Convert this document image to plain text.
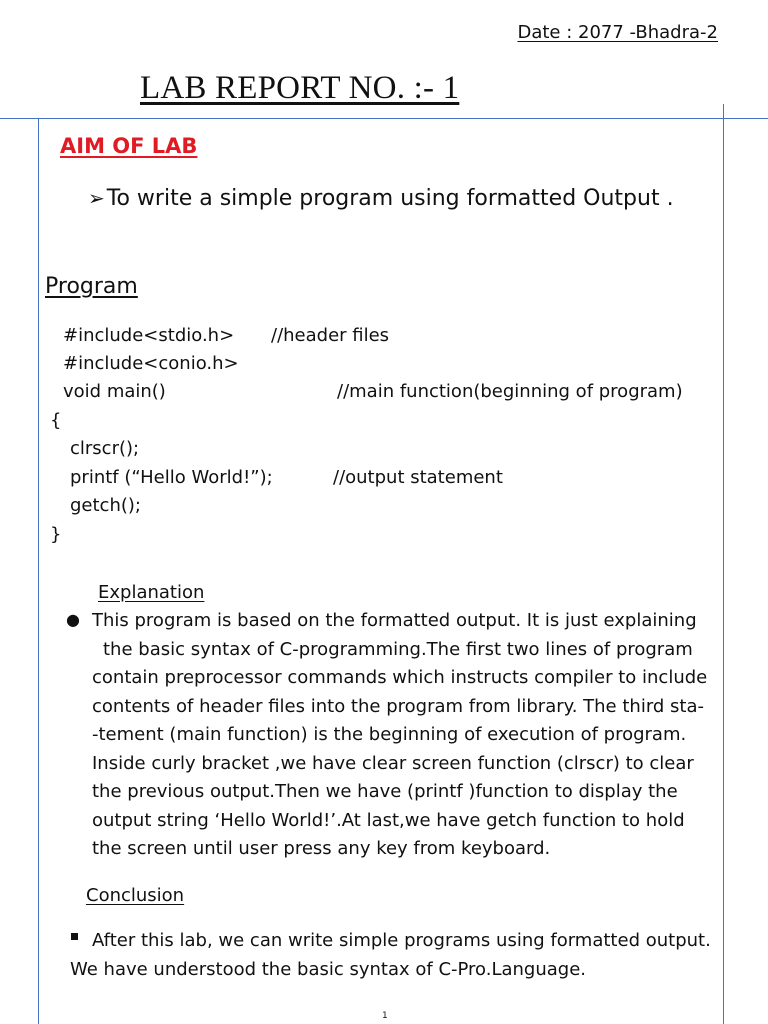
Date : 2077 -Bhadra-2
LAB REPORT NO. :- 1
AIM OF LAB
➢To write a simple program using formatted Output .
Program
#include<stdio.h> //header files
#include<conio.h>
void main()	//main function(beginning of program)
{
clrscr();
printf (“Hello World!”);	//output statement
getch();
}
Explanation
● This program is based on the formatted output. It is just explaining
the basic syntax of C-programming.The first two lines of program
contain preprocessor commands which instructs compiler to include
contents of header files into the program from library. The third sta-
-tement (main function) is the beginning of execution of program.
Inside curly bracket ,we have clear screen function (clrscr) to clear
the previous output.Then we have (printf )function to display the
output string ‘Hello World!’.At last,we have getch function to hold
the screen until user press any key from keyboard.
Conclusion
After this lab, we can write simple programs using formatted output.
We have understood the basic syntax of C-Pro.Language.
1
